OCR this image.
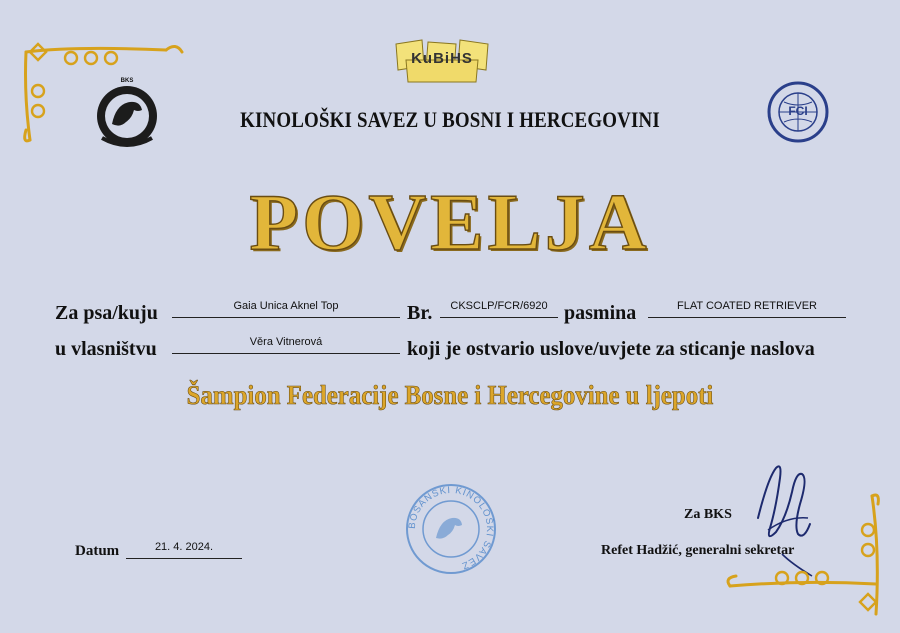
KuBiHS
BKS
FCI
KINOLOŠKI SAVEZ U BOSNI I HERCEGOVINI
POVELJA
Za psa/kuju	Gaia Unica Aknel Top	Br.	CKSCLP/FCR/6920 pasmina	FLAT COATED RETRIEVER
u vlasništvu	Věra Vitnerová	koji je ostvario uslove/uvjete za sticanje naslova
Šampion Federacije Bosne i Hercegovine u ljepoti
BOSANSKI KINOLOŠKI SAVEZ
Datum	21. 4. 2024.
Za BKS
Refet Hadžić, generalni sekretar
